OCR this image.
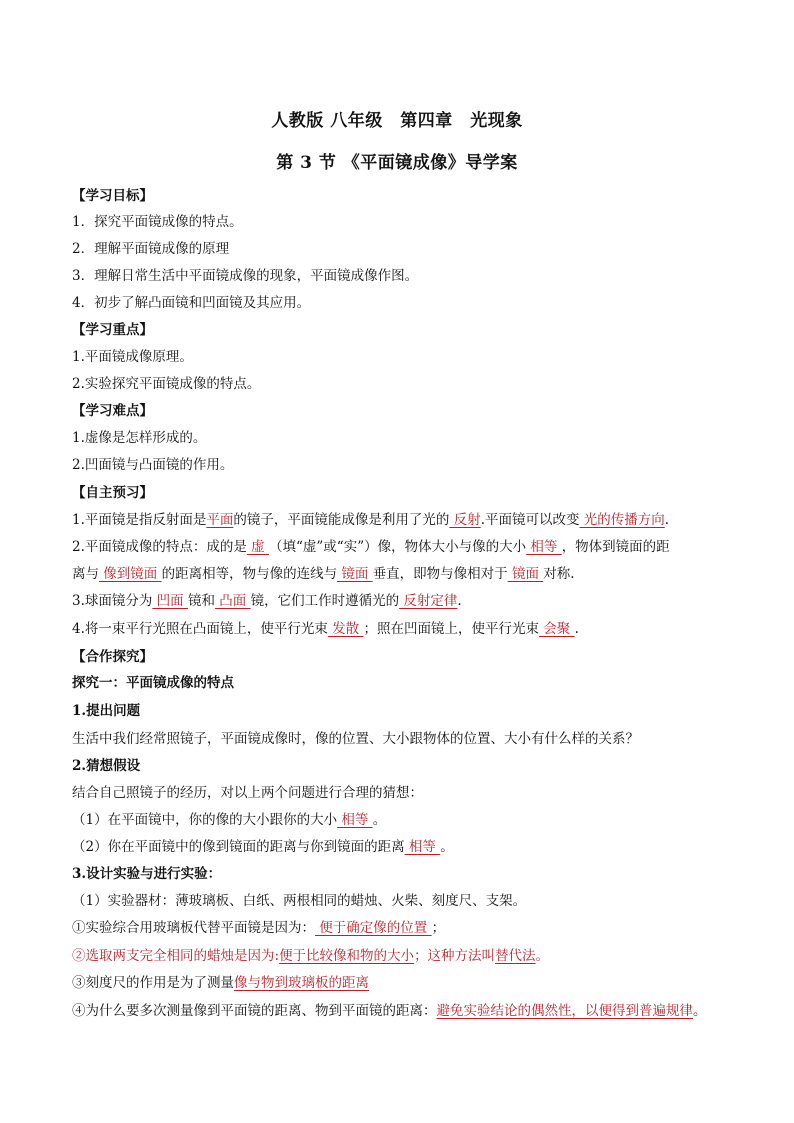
人教版 八年级　第四章　光现象
第 3 节 《平面镜成像》导学案
【学习目标】
1．探究平面镜成像的特点。
2．理解平面镜成像的原理
3．理解日常生活中平面镜成像的现象，平面镜成像作图。
4．初步了解凸面镜和凹面镜及其应用。
【学习重点】
1.平面镜成像原理。
2.实验探究平面镜成像的特点。
【学习难点】
1.虚像是怎样形成的。
2.凹面镜与凸面镜的作用。
【自主预习】
1.平面镜是指反射面是平面的镜子，平面镜能成像是利用了光的 反射.平面镜可以改变 光的传播方向.
2.平面镜成像的特点：成的是 虚 （填“虚”或“实”）像，物体大小与像的大小 相等 ，物体到镜面的距
离与 像到镜面 的距离相等，物与像的连线与 镜面 垂直，即物与像相对于 镜面 对称.
3.球面镜分为 凹面 镜和 凸面 镜，它们工作时遵循光的 反射定律.
4.将一束平行光照在凸面镜上，使平行光束 发散 ；照在凹面镜上，使平行光束 会聚 .
【合作探究】
探究一：平面镜成像的特点
1.提出问题
生活中我们经常照镜子，平面镜成像时，像的位置、大小跟物体的位置、大小有什么样的关系？
2.猜想假设
结合自己照镜子的经历，对以上两个问题进行合理的猜想：
（1）在平面镜中，你的像的大小跟你的大小 相等 。
（2）你在平面镜中的像到镜面的距离与你到镜面的距离 相等 。
3.设计实验与进行实验：
（1）实验器材：薄玻璃板、白纸、两根相同的蜡烛、火柴、刻度尺、支架。
①实验综合用玻璃板代替平面镜是因为： 便于确定像的位置 ；
②选取两支完全相同的蜡烛是因为:便于比较像和物的大小；这种方法叫替代法。
③刻度尺的作用是为了测量像与物到玻璃板的距离
④为什么要多次测量像到平面镜的距离、物到平面镜的距离：避免实验结论的偶然性，以便得到普遍规律。
